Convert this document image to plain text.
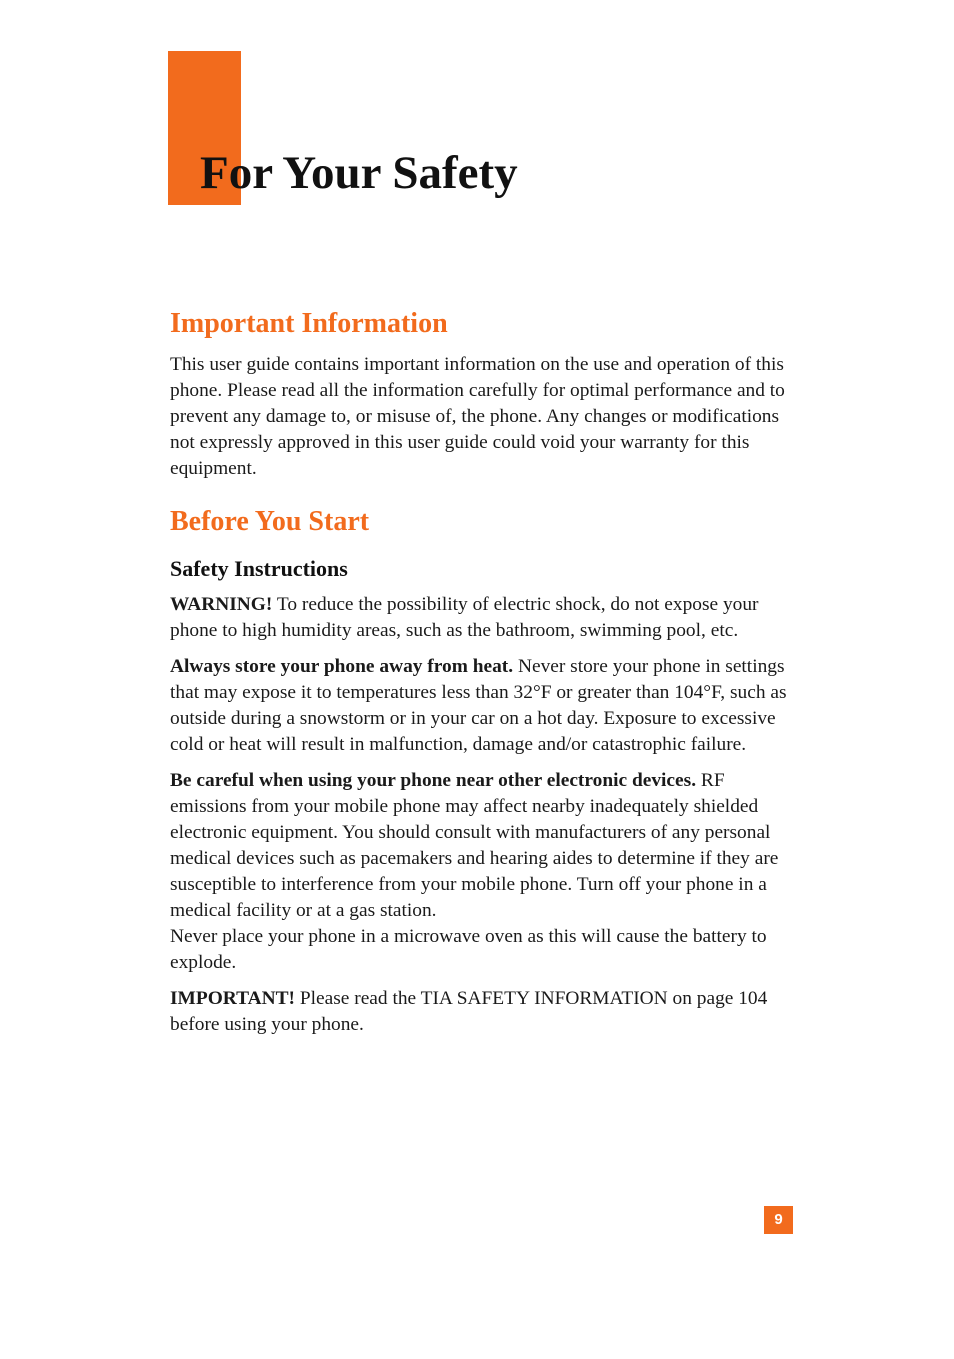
For Your Safety
Important Information

This user guide contains important information on the use and operation of this phone. Please read all the information carefully for optimal performance and to prevent any damage to, or misuse of, the phone. Any changes or modifications not expressly approved in this user guide could void your warranty for this equipment.

Before You Start
Safety Instructions

WARNING! To reduce the possibility of electric shock, do not expose your phone to high humidity areas, such as the bathroom, swimming pool, etc.

Always store your phone away from heat. Never store your phone in settings that may expose it to temperatures less than 32°F or greater than 104°F, such as outside during a snowstorm or in your car on a hot day. Exposure to excessive cold or heat will result in malfunction, damage and/or catastrophic failure.

Be careful when using your phone near other electronic devices. RF emissions from your mobile phone may affect nearby inadequately shielded electronic equipment. You should consult with manufacturers of any personal medical devices such as pacemakers and hearing aides to determine if they are susceptible to interference from your mobile phone. Turn off your phone in a medical facility or at a gas station.
Never place your phone in a microwave oven as this will cause the battery to explode.

IMPORTANT! Please read the TIA SAFETY INFORMATION on page 104 before using your phone.

9
